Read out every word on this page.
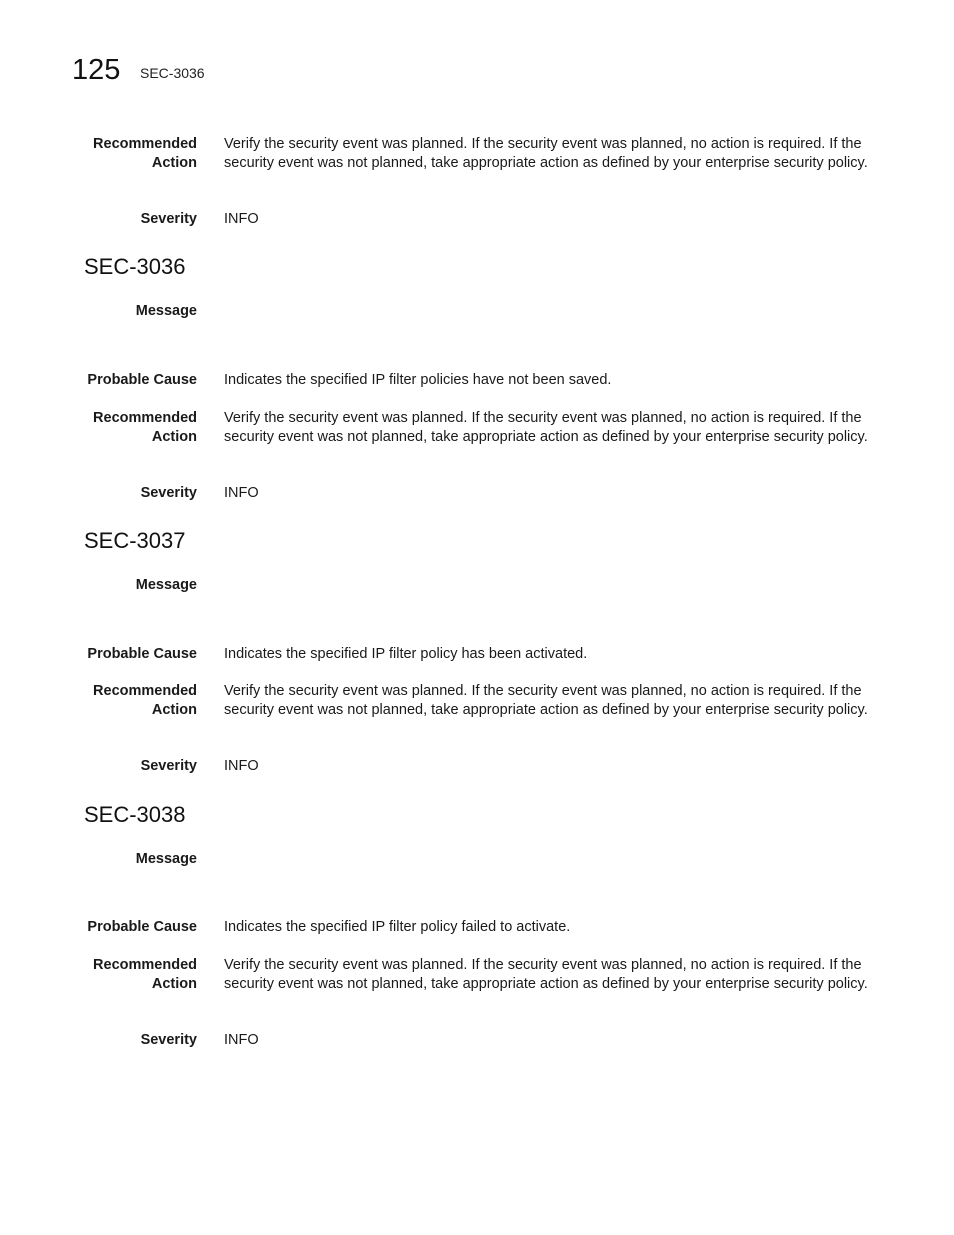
125 SEC-3036
Recommended
Action
Verify the security event was planned. If the security event was planned, no action is required. If the security event was not planned, take appropriate action as defined by your enterprise security policy.
Severity INFO
SEC-3036
Message
Probable Cause Indicates the specified IP filter policies have not been saved.
Recommended
Action
Verify the security event was planned. If the security event was planned, no action is required. If the security event was not planned, take appropriate action as defined by your enterprise security policy.
Severity INFO
SEC-3037
Message
Probable Cause Indicates the specified IP filter policy has been activated.
Recommended
Action
Verify the security event was planned. If the security event was planned, no action is required. If the security event was not planned, take appropriate action as defined by your enterprise security policy.
Severity INFO
SEC-3038
Message
Probable Cause Indicates the specified IP filter policy failed to activate.
Recommended
Action
Verify the security event was planned. If the security event was planned, no action is required. If the security event was not planned, take appropriate action as defined by your enterprise security policy.
Severity INFO
